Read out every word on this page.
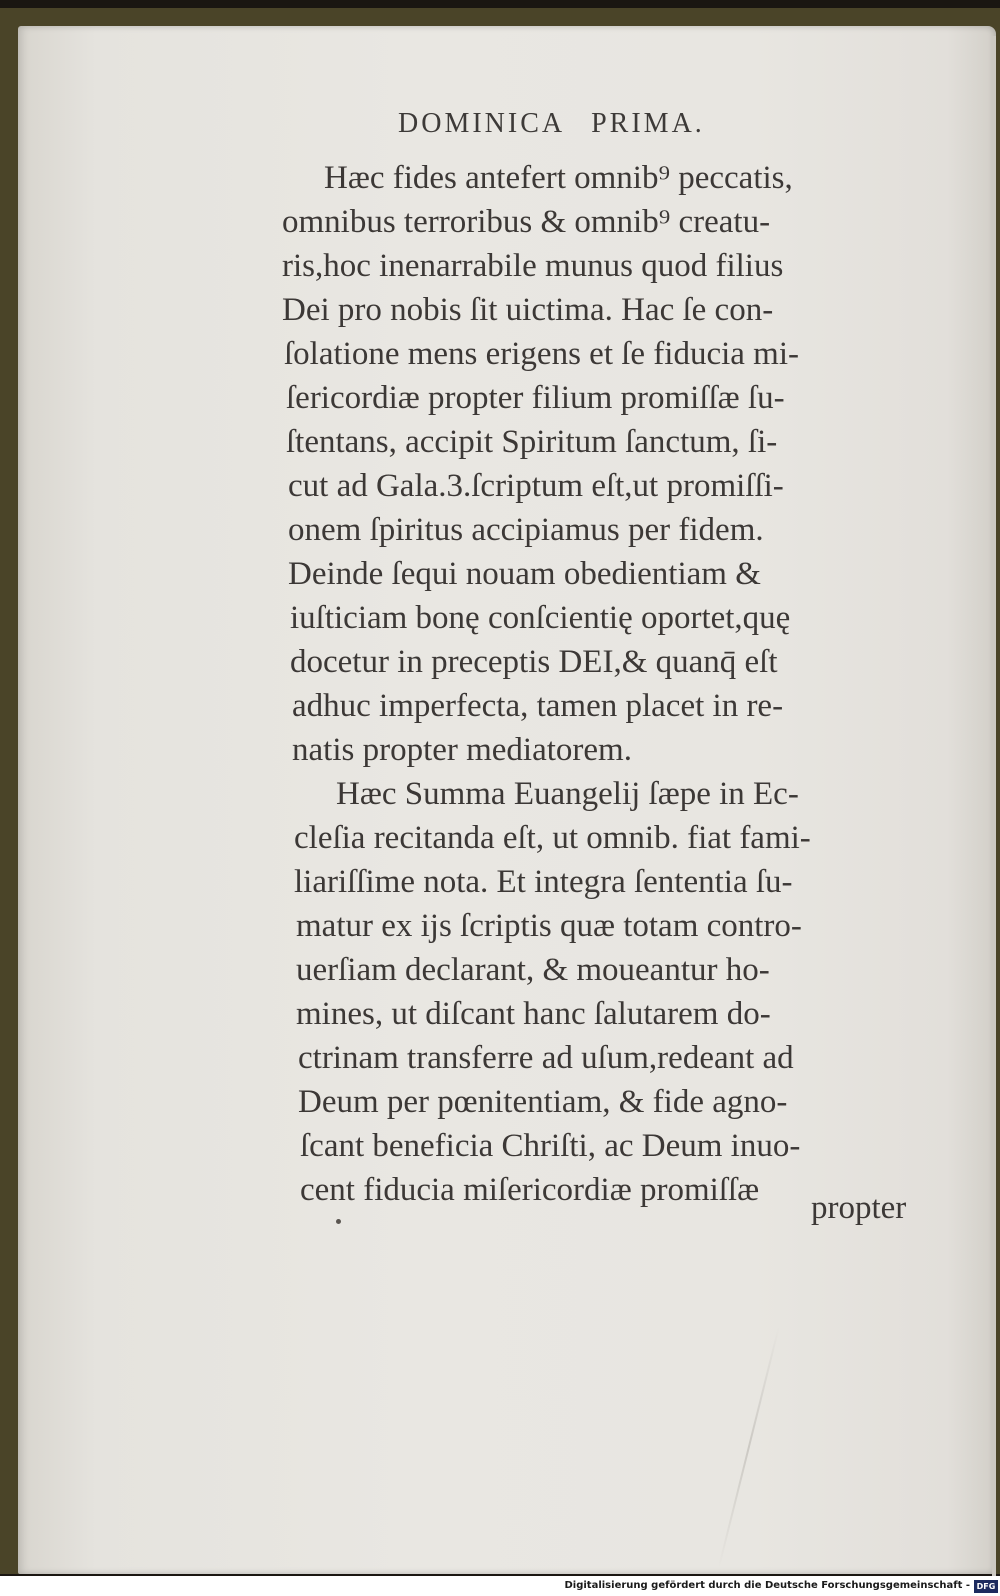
DOMINICA PRIMA.
Hæc fides antefert omnib⁹ peccatis,
omnibus terroribus & omnib⁹ creatu-
ris,hoc inenarrabile munus quod filius
Dei pro nobis ſit uictima. Hac ſe con-
ſolatione mens erigens et ſe fiducia mi-
ſericordiæ propter filium promiſſæ ſu-
ſtentans, accipit Spiritum ſanctum, ſi-
cut ad Gala.3.ſcriptum eſt,ut promiſſi-
onem ſpiritus accipiamus per fidem.
Deinde ſequi nouam obedientiam &
iuſticiam bonę conſcientię oportet,quę
docetur in preceptis DEI,& quanq̄ eſt
adhuc imperfecta, tamen placet in re-
natis propter mediatorem.
Hæc Summa Euangelij ſæpe in Ec-
cleſia recitanda eſt, ut omnib. fiat fami-
liariſſime nota. Et integra ſententia ſu-
matur ex ijs ſcriptis quæ totam contro-
uerſiam declarant, & moueantur ho-
mines, ut diſcant hanc ſalutarem do-
ctrinam transferre ad uſum,redeant ad
Deum per pœnitentiam, & fide agno-
ſcant beneficia Chriſti, ac Deum inuo-
cent fiducia miſericordiæ promiſſæ propter
Digitalisierung gefördert durch die Deutsche Forschungsgemeinschaft - DFG
